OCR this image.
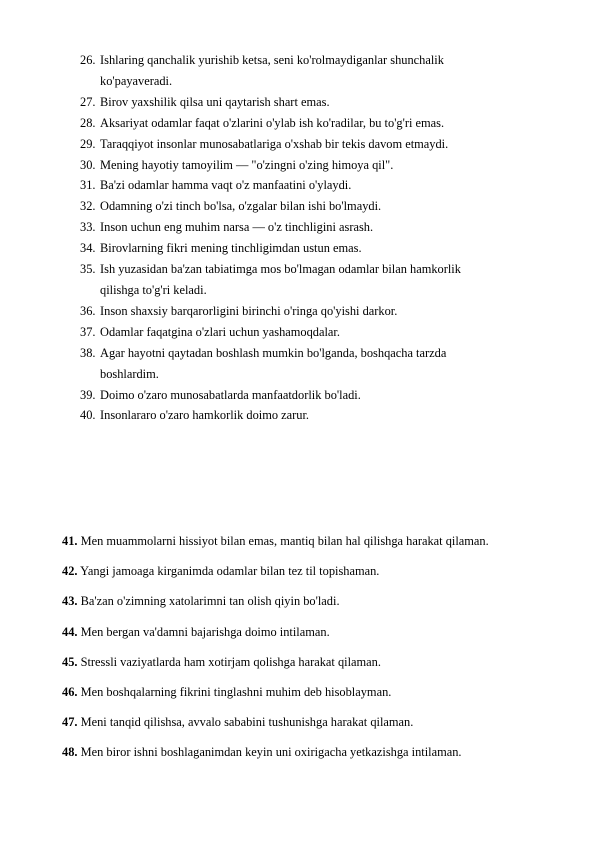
26. Ishlaring qanchalik yurishib ketsa, seni ko'rolmaydiganlar shunchalik
ko'payaveradi.
27. Birov yaxshilik qilsa uni qaytarish shart emas.
28. Aksariyat odamlar faqat o'zlarini o'ylab ish ko'radilar, bu to'g'ri emas.
29. Taraqqiyot insonlar munosabatlariga o'xshab bir tekis davom etmaydi.
30. Mening hayotiy tamoyilim — "o'zingni o'zing himoya qil".
31. Ba'zi odamlar hamma vaqt o'z manfaatini o'ylaydi.
32. Odamning o'zi tinch bo'lsa, o'zgalar bilan ishi bo'lmaydi.
33. Inson uchun eng muhim narsa — o'z tinchligini asrash.
34. Birovlarning fikri mening tinchligimdan ustun emas.
35. Ish yuzasidan ba'zan tabiatimga mos bo'lmagan odamlar bilan hamkorlik
qilishga to'g'ri keladi.
36. Inson shaxsiy barqarorligini birinchi o'ringa qo'yishi darkor.
37. Odamlar faqatgina o'zlari uchun yashamoqdalar.
38. Agar hayotni qaytadan boshlash mumkin bo'lganda, boshqacha tarzda
boshlardim.
39. Doimo o'zaro munosabatlarda manfaatdorlik bo'ladi.
40. Insonlararo o'zaro hamkorlik doimo zarur.
41. Men muammolarni hissiyot bilan emas, mantiq bilan hal qilishga harakat qilaman.
42. Yangi jamoaga kirganimda odamlar bilan tez til topishaman.
43. Ba'zan o'zimning xatolarimni tan olish qiyin bo'ladi.
44. Men bergan va'damni bajarishga doimo intilaman.
45. Stressli vaziyatlarda ham xotirjam qolishga harakat qilaman.
46. Men boshqalarning fikrini tinglashni muhim deb hisoblayman.
47. Meni tanqid qilishsa, avvalo sababini tushunishga harakat qilaman.
48. Men biror ishni boshlaganimdan keyin uni oxirigacha yetkazishga intilaman.
